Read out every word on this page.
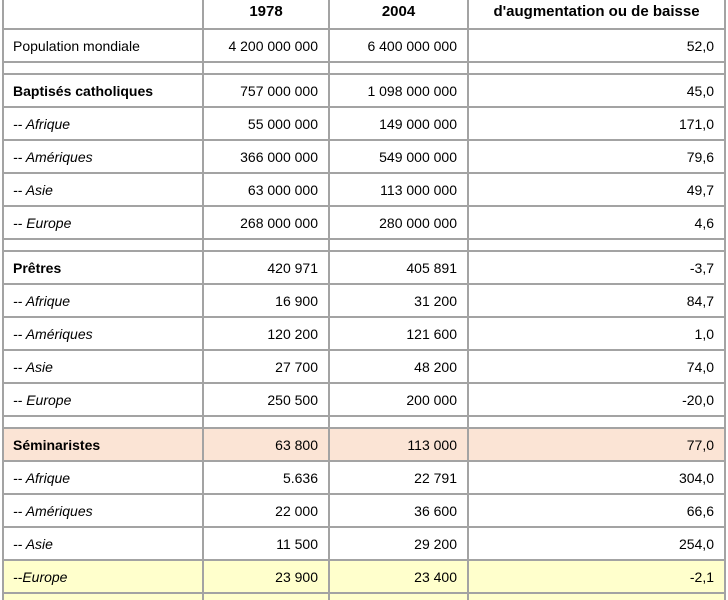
	1978	2004	d'augmentation ou de baisse
Population mondiale	4 200 000 000	6 400 000 000	52,0

Baptisés catholiques	757 000 000	1 098 000 000	45,0
-- Afrique	55 000 000	149 000 000	171,0
-- Amériques	366 000 000	549 000 000	79,6
-- Asie	63 000 000	113 000 000	49,7
-- Europe	268 000 000	280 000 000	4,6

Prêtres	420 971	405 891	-3,7
-- Afrique	16 900	31 200	84,7
-- Amériques	120 200	121 600	1,0
-- Asie	27 700	48 200	74,0
-- Europe	250 500	200 000	-20,0

Séminaristes	63 800	113 000	77,0
-- Afrique	5.636	22 791	304,0
-- Amériques	22 000	36 600	66,6
-- Asie	11 500	29 200	254,0
--Europe	23 900	23 400	-2,1
